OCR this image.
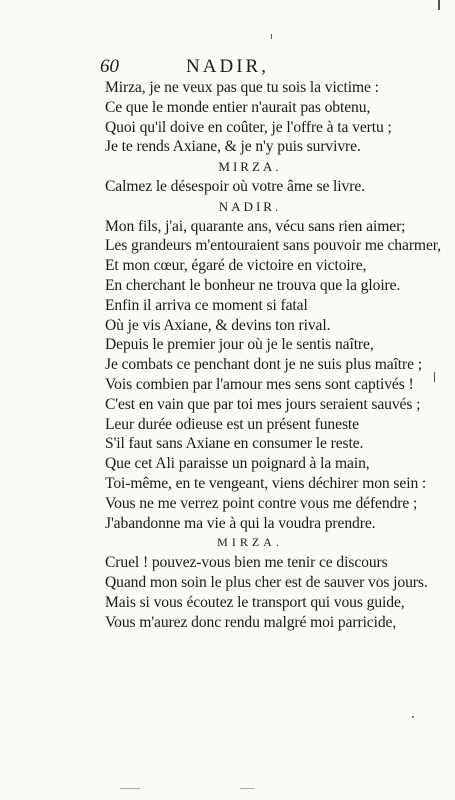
60	NADIR,
Mirza, je ne veux pas que tu sois la victime :
Ce que le monde entier n'aurait pas obtenu,
Quoi qu'il doive en coûter, je l'offre à ta vertu ;
Je te rends Axiane, & je n'y puis survivre.
MIRZA.
Calmez le désespoir où votre âme se livre.
NADIR.
Mon fils, j'ai, quarante ans, vécu sans rien aimer;
Les grandeurs m'entouraient sans pouvoir me charmer,
Et mon cœur, égaré de victoire en victoire,
En cherchant le bonheur ne trouva que la gloire.
Enfin il arriva ce moment si fatal
Où je vis Axiane, & devins ton rival.
Depuis le premier jour où je le sentis naître,
Je combats ce penchant dont je ne suis plus maître ;
Vois combien par l'amour mes sens sont captivés !
C'est en vain que par toi mes jours seraient sauvés ;
Leur durée odieuse est un présent funeste
S'il faut sans Axiane en consumer le reste.
Que cet Ali paraisse un poignard à la main,
Toi-même, en te vengeant, viens déchirer mon sein :
Vous ne me verrez point contre vous me défendre ;
J'abandonne ma vie à qui la voudra prendre.
MIRZA.
Cruel ! pouvez-vous bien me tenir ce discours
Quand mon soin le plus cher est de sauver vos jours.
Mais si vous écoutez le transport qui vous guide,
Vous m'aurez donc rendu malgré moi parricide,
